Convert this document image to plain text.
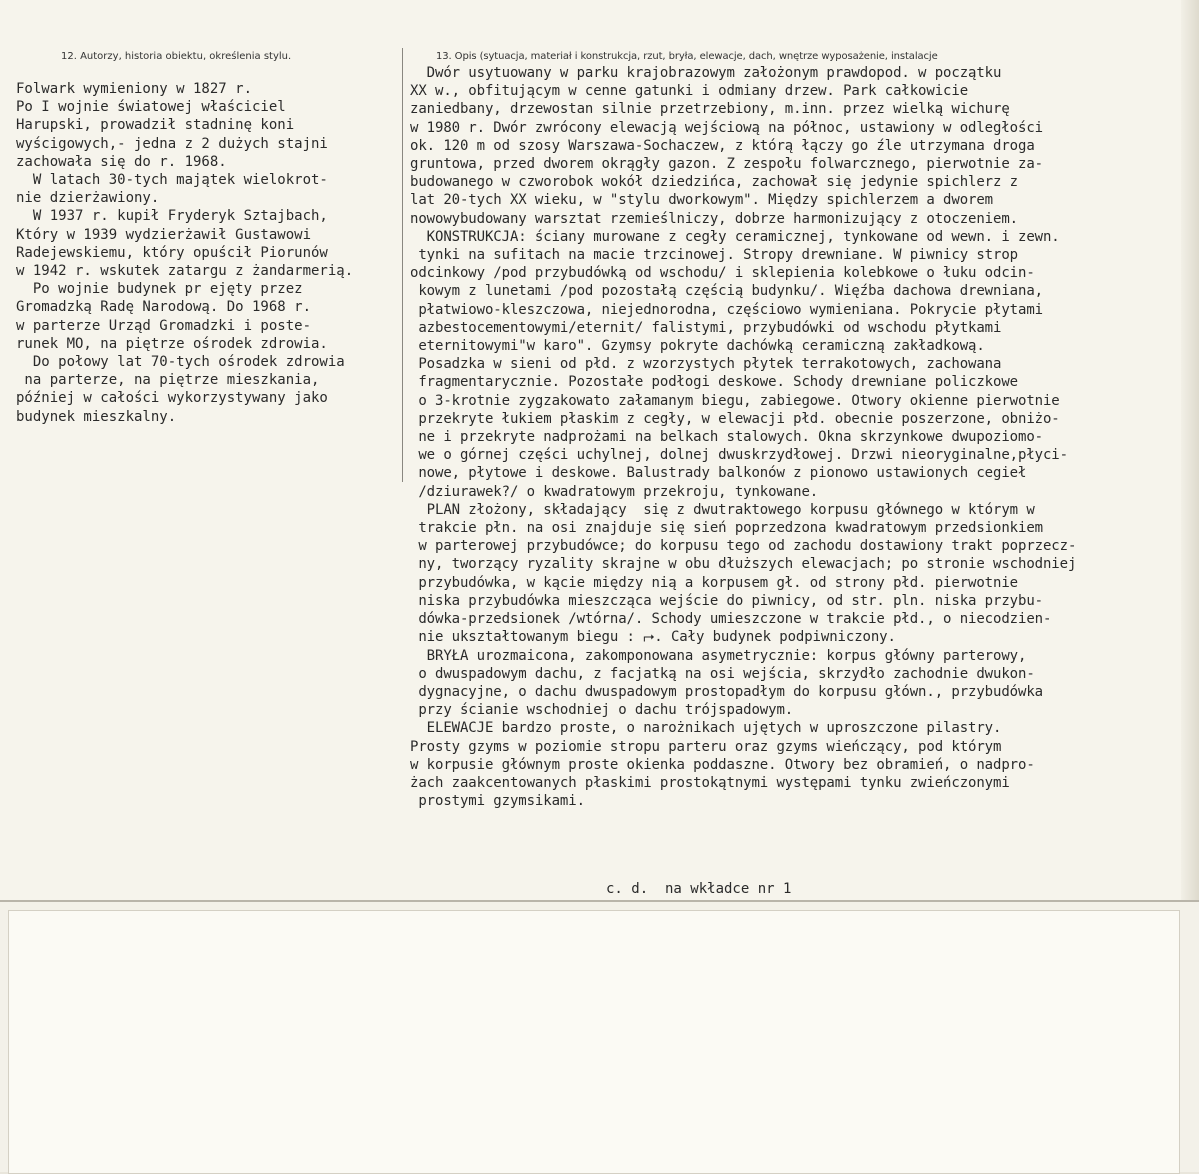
12. Autorzy, historia obiektu, określenia stylu.	13. Opis (sytuacja, materiał i konstrukcja, rzut, bryła, elewacje, dach, wnętrze wyposażenie, instalacje
Folwark wymieniony w 1827 r.
Po I wojnie światowej właściciel
Harupski, prowadził stadninę koni
wyścigowych,- jedna z 2 dużych stajni
zachowała się do r. 1968.
W latach 30-tych majątek wielokrot-
nie dzierżawiony.
W 1937 r. kupił Fryderyk Sztajbach,
Który w 1939 wydzierżawił Gustawowi
Radejewskiemu, który opuścił Piorunów
w 1942 r. wskutek zatargu z żandarmerią.
Po wojnie budynek pr ejęty przez
Gromadzką Radę Narodową. Do 1968 r.
w parterze Urząd Gromadzki i poste-
runek MO, na piętrze ośrodek zdrowia.
Do połowy lat 70-tych ośrodek zdrowia
na parterze, na piętrze mieszkania,
później w całości wykorzystywany jako
budynek mieszkalny.
Dwór usytuowany w parku krajobrazowym założonym prawdopod. w początku
XX w., obfitującym w cenne gatunki i odmiany drzew. Park całkowicie
zaniedbany, drzewostan silnie przetrzebiony, m.inn. przez wielką wichurę
w 1980 r. Dwór zwrócony elewacją wejściową na północ, ustawiony w odległości
ok. 120 m od szosy Warszawa-Sochaczew, z którą łączy go źle utrzymana droga
gruntowa, przed dworem okrągły gazon. Z zespołu folwarcznego, pierwotnie za-
budowanego w czworobok wokół dziedzińca, zachował się jedynie spichlerz z
lat 20-tych XX wieku, w "stylu dworkowym". Między spichlerzem a dworem
nowowybudowany warsztat rzemieślniczy, dobrze harmonizujący z otoczeniem.
KONSTRUKCJA: ściany murowane z cegły ceramicznej, tynkowane od wewn. i zewn.
tynki na sufitach na macie trzcinowej. Stropy drewniane. W piwnicy strop
odcinkowy /pod przybudówką od wschodu/ i sklepienia kolebkowe o łuku odcin-
kowym z lunetami /pod pozostałą częścią budynku/. Więźba dachowa drewniana,
płatwiowo-kleszczowa, niejednorodna, częściowo wymieniana. Pokrycie płytami
azbestocementowymi/eternit/ falistymi, przybudówki od wschodu płytkami
eternitowymi"w karo". Gzymsy pokryte dachówką ceramiczną zakładkową.
Posadzka w sieni od płd. z wzorzystych płytek terrakotowych, zachowana
fragmentarycznie. Pozostałe podłogi deskowe. Schody drewniane policzkowe
o 3-krotnie zygzakowato załamanym biegu, zabiegowe. Otwory okienne pierwotnie
przekryte łukiem płaskim z cegły, w elewacji płd. obecnie poszerzone, obniżo-
ne i przekryte nadprożami na belkach stalowych. Okna skrzynkowe dwupoziomo-
we o górnej części uchylnej, dolnej dwuskrzydłowej. Drzwi nieoryginalne,płyci-
nowe, płytowe i deskowe. Balustrady balkonów z pionowo ustawionych cegieł
/dziurawek?/ o kwadratowym przekroju, tynkowane.
PLAN złożony, składający  się z dwutraktowego korpusu głównego w którym w
trakcie płn. na osi znajduje się sień poprzedzona kwadratowym przedsionkiem
w parterowej przybudówce; do korpusu tego od zachodu dostawiony trakt poprzecz-
ny, tworzący ryzality skrajne w obu dłuższych elewacjach; po stronie wschodniej
przybudówka, w kącie między nią a korpusem gł. od strony płd. pierwotnie
niska przybudówka mieszcząca wejście do piwnicy, od str. pln. niska przybu-
dówka-przedsionek /wtórna/. Schody umieszczone w trakcie płd., o niecodzien-
nie ukształtowanym biegu : ⮣. Cały budynek podpiwniczony.
BRYŁA urozmaicona, zakomponowana asymetrycznie: korpus główny parterowy,
o dwuspadowym dachu, z facjatką na osi wejścia, skrzydło zachodnie dwukon-
dygnacyjne, o dachu dwuspadowym prostopadłym do korpusu główn., przybudówka
przy ścianie wschodniej o dachu trójspadowym.
ELEWACJE bardzo proste, o narożnikach ujętych w uproszczone pilastry.
Prosty gzyms w poziomie stropu parteru oraz gzyms wieńczący, pod którym
w korpusie głównym proste okienka poddaszne. Otwory bez obramień, o nadpro-
żach zaakcentowanych płaskimi prostokątnymi występami tynku zwieńczonymi
prostymi gzymsikami.
c. d.  na wkładce nr 1
